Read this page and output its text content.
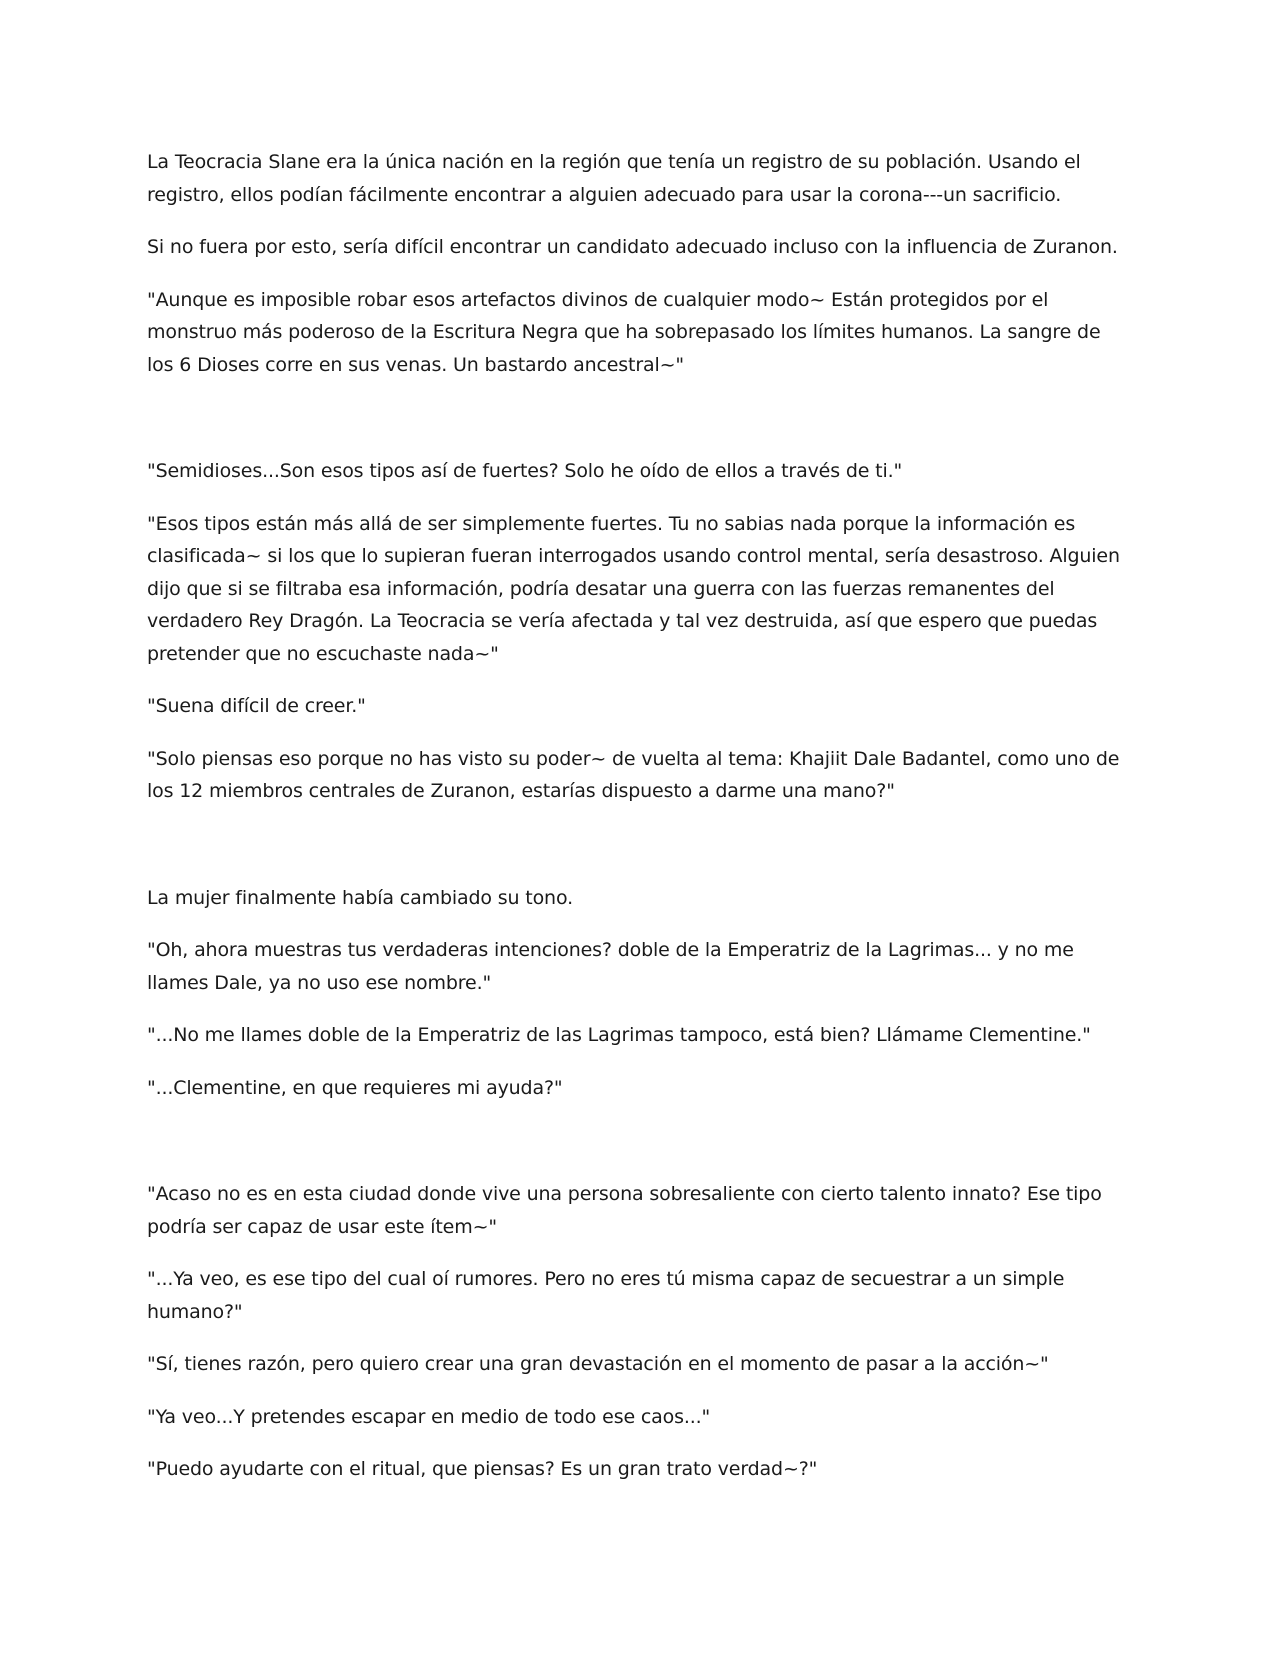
La Teocracia Slane era la única nación en la región que tenía un registro de su población. Usando el registro, ellos podían fácilmente encontrar a alguien adecuado para usar la corona---un sacrificio.

Si no fuera por esto, sería difícil encontrar un candidato adecuado incluso con la influencia de Zuranon.

"Aunque es imposible robar esos artefactos divinos de cualquier modo~ Están protegidos por el monstruo más poderoso de la Escritura Negra que ha sobrepasado los límites humanos. La sangre de los 6 Dioses corre en sus venas. Un bastardo ancestral~"

"Semidioses...Son esos tipos así de fuertes? Solo he oído de ellos a través de ti."

"Esos tipos están más allá de ser simplemente fuertes. Tu no sabias nada porque la información es clasificada~ si los que lo supieran fueran interrogados usando control mental, sería desastroso. Alguien dijo que si se filtraba esa información, podría desatar una guerra con las fuerzas remanentes del verdadero Rey Dragón. La Teocracia se vería afectada y tal vez destruida, así que espero que puedas pretender que no escuchaste nada~"

"Suena difícil de creer."

"Solo piensas eso porque no has visto su poder~ de vuelta al tema: Khajiit Dale Badantel, como uno de los 12 miembros centrales de Zuranon, estarías dispuesto a darme una mano?"

La mujer finalmente había cambiado su tono.

"Oh, ahora muestras tus verdaderas intenciones? doble de la Emperatriz de la Lagrimas... y no me llames Dale, ya no uso ese nombre."

"...No me llames doble de la Emperatriz de las Lagrimas tampoco, está bien? Llámame Clementine."

"...Clementine, en que requieres mi ayuda?"

"Acaso no es en esta ciudad donde vive una persona sobresaliente con cierto talento innato? Ese tipo podría ser capaz de usar este ítem~"

"...Ya veo, es ese tipo del cual oí rumores. Pero no eres tú misma capaz de secuestrar a un simple humano?"

"Sí, tienes razón, pero quiero crear una gran devastación en el momento de pasar a la acción~"

"Ya veo...Y pretendes escapar en medio de todo ese caos..."

"Puedo ayudarte con el ritual, que piensas? Es un gran trato verdad~?"
